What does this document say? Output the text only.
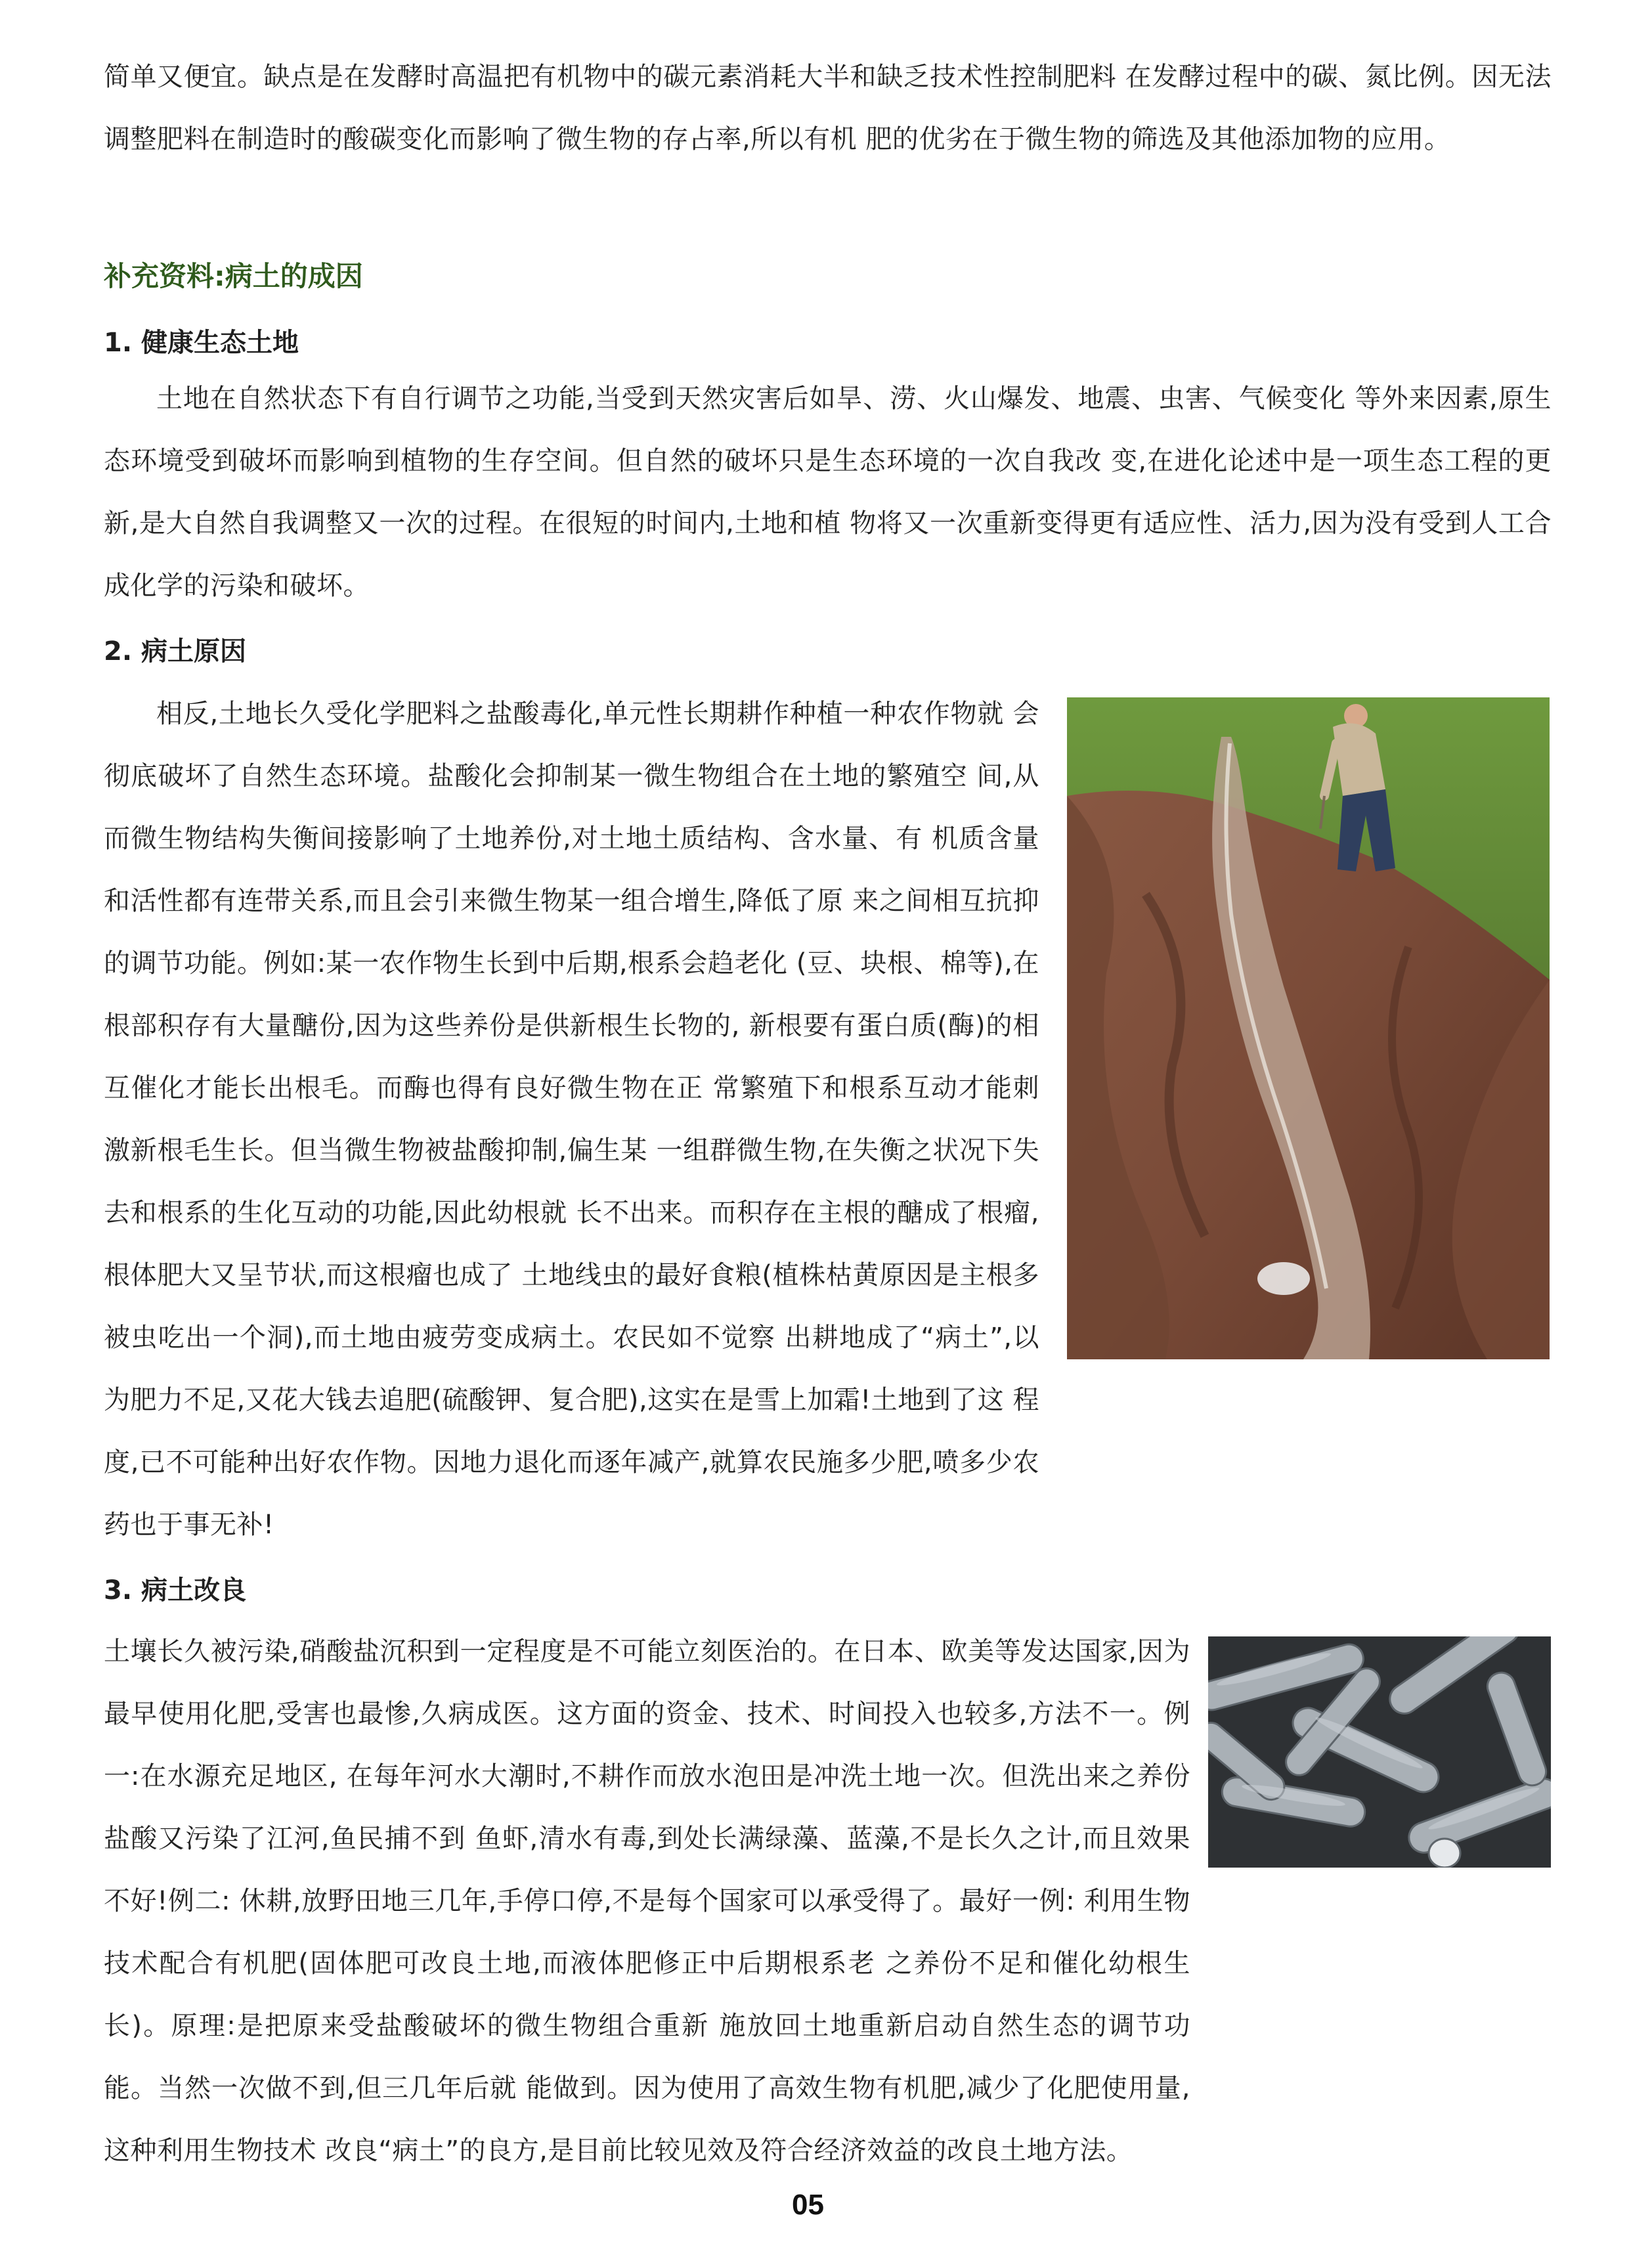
简单又便宜。缺点是在发酵时高温把有机物中的碳元素消耗大半和缺乏技术性控制肥料 在发酵过程中的碳、氮比例。因无法调整肥料在制造时的酸碳变化而影响了微生物的存占率,所以有机 肥的优劣在于微生物的筛选及其他添加物的应用。

补充资料:病土的成因
1. 健康生态土地

土地在自然状态下有自行调节之功能,当受到天然灾害后如旱、涝、火山爆发、地震、虫害、气候变化 等外来因素,原生态环境受到破坏而影响到植物的生存空间。但自然的破坏只是生态环境的一次自我改 变,在进化论述中是一项生态工程的更新,是大自然自我调整又一次的过程。在很短的时间内,土地和植 物将又一次重新变得更有适应性、活力,因为没有受到人工合成化学的污染和破坏。

2. 病土原因

相反,土地长久受化学肥料之盐酸毒化,单元性长期耕作种植一种农作物就 会彻底破坏了自然生态环境。盐酸化会抑制某一微生物组合在土地的繁殖空 间,从而微生物结构失衡间接影响了土地养份,对土地土质结构、含水量、有 机质含量和活性都有连带关系,而且会引来微生物某一组合增生,降低了原 来之间相互抗抑的调节功能。例如:某一农作物生长到中后期,根系会趋老化 (豆、块根、棉等),在根部积存有大量醣份,因为这些养份是供新根生长物的, 新根要有蛋白质(酶)的相互催化才能长出根毛。而酶也得有良好微生物在正 常繁殖下和根系互动才能刺激新根毛生长。但当微生物被盐酸抑制,偏生某 一组群微生物,在失衡之状况下失去和根系的生化互动的功能,因此幼根就 长不出来。而积存在主根的醣成了根瘤,根体肥大又呈节状,而这根瘤也成了 土地线虫的最好食粮(植株枯黄原因是主根多被虫吃出一个洞),而土地由疲劳变成病土。农民如不觉察 出耕地成了“病土”,以为肥力不足,又花大钱去追肥(硫酸钾、复合肥),这实在是雪上加霜!土地到了这 程度,已不可能种出好农作物。因地力退化而逐年减产,就算农民施多少肥,喷多少农药也于事无补!

3. 病土改良

土壤长久被污染,硝酸盐沉积到一定程度是不可能立刻医治的。在日本、欧美等发达国家,因为最早使用化肥,受害也最惨,久病成医。这方面的资金、技术、时间投入也较多,方法不一。例一:在水源充足地区, 在每年河水大潮时,不耕作而放水泡田是冲洗土地一次。但洗出来之养份盐酸又污染了江河,鱼民捕不到 鱼虾,清水有毒,到处长满绿藻、蓝藻,不是长久之计,而且效果不好!例二: 休耕,放野田地三几年,手停口停,不是每个国家可以承受得了。最好一例: 利用生物技术配合有机肥(固体肥可改良土地,而液体肥修正中后期根系老 之养份不足和催化幼根生长)。原理:是把原来受盐酸破坏的微生物组合重新 施放回土地重新启动自然生态的调节功能。当然一次做不到,但三几年后就 能做到。因为使用了高效生物有机肥,减少了化肥使用量,这种利用生物技术 改良“病土”的良方,是目前比较见效及符合经济效益的改良土地方法。

05
